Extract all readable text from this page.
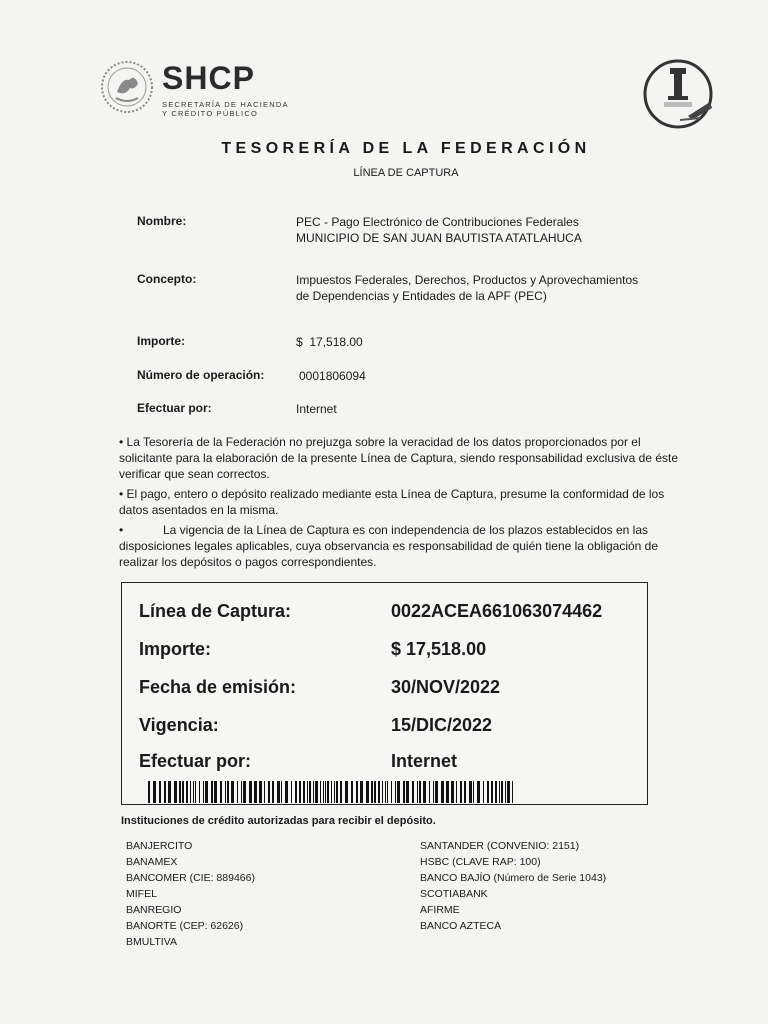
SHCP
SECRETARÍA DE HACIENDA
Y CRÉDITO PÚBLICO
TESORERÍA DE LA FEDERACIÓN
LÍNEA DE CAPTURA
Nombre:	PEC - Pago Electrónico de Contribuciones Federales
MUNICIPIO DE SAN JUAN BAUTISTA ATATLAHUCA
Concepto:	Impuestos Federales, Derechos, Productos y Aprovechamientos
de Dependencias y Entidades de la APF (PEC)
Importe:	$  17,518.00
Número de operación:	0001806094
Efectuar por:	Internet

• La Tesorería de la Federación no prejuzga sobre la veracidad de los datos proporcionados por el solicitante para la elaboración de la presente Línea de Captura, siendo responsabilidad exclusiva de éste verificar que sean correctos.

• El pago, entero o depósito realizado mediante esta Línea de Captura, presume la conformidad de los datos asentados en la misma.

•	La vigencia de la Línea de Captura es con independencia de los plazos establecidos en las disposiciones legales aplicables, cuya observancia es responsabilidad de quién tiene la obligación de realizar los depósitos o pagos correspondientes.

Línea de Captura:	0022ACEA661063074462
Importe:	$ 17,518.00
Fecha de emisión:	30/NOV/2022
Vigencia:	15/DIC/2022
Efectuar por:	Internet
Instituciones de crédito autorizadas para recibir el depósito.
BANJERCITO
BANAMEX
BANCOMER (CIE: 889466)
MIFEL
BANREGIO
BANORTE (CEP: 62626)
BMULTIVA
SANTANDER (CONVENIO: 2151)
HSBC (CLAVE RAP: 100)
BANCO BAJÍO (Número de Serie 1043)
SCOTIABANK
AFIRME
BANCO AZTECA
